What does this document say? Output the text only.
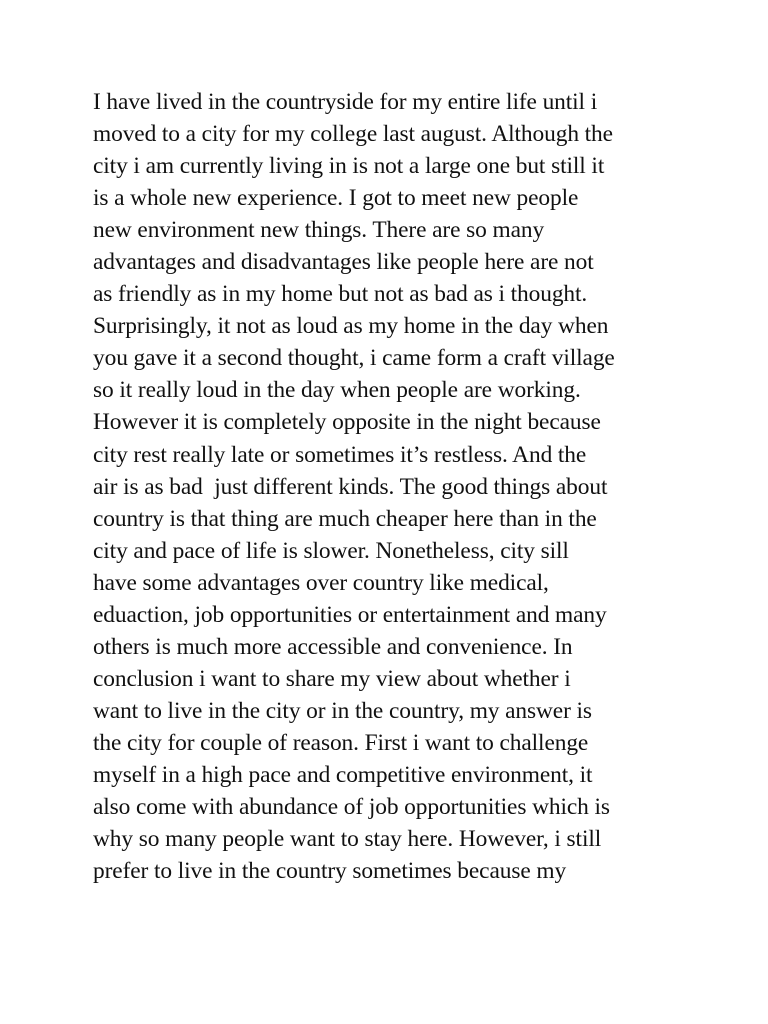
I have lived in the countryside for my entire life until i
moved to a city for my college last august. Although the
city i am currently living in is not a large one but still it
is a whole new experience. I got to meet new people
new environment new things. There are so many
advantages and disadvantages like people here are not
as friendly as in my home but not as bad as i thought.
Surprisingly, it not as loud as my home in the day when
you gave it a second thought, i came form a craft village
so it really loud in the day when people are working.
However it is completely opposite in the night because
city rest really late or sometimes it’s restless. And the
air is as bad  just different kinds. The good things about
country is that thing are much cheaper here than in the
city and pace of life is slower. Nonetheless, city sill
have some advantages over country like medical,
eduaction, job opportunities or entertainment and many
others is much more accessible and convenience. In
conclusion i want to share my view about whether i
want to live in the city or in the country, my answer is
the city for couple of reason. First i want to challenge
myself in a high pace and competitive environment, it
also come with abundance of job opportunities which is
why so many people want to stay here. However, i still
prefer to live in the country sometimes because my
